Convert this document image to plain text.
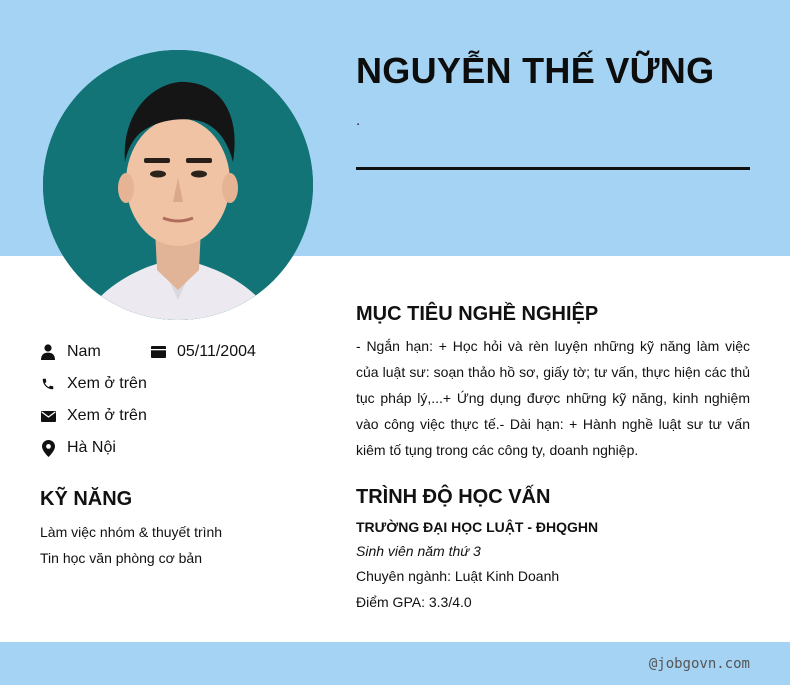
NGUYỄN THẾ VỮNG
.
Nam	05/11/2004
Xem ở trên
Xem ở trên
Hà Nội
KỸ NĂNG
Làm việc nhóm & thuyết trình
Tin học văn phòng cơ bản
MỤC TIÊU NGHỀ NGHIỆP
- Ngắn hạn: + Học hỏi và rèn luyện những kỹ năng làm việc của luật sư: soạn thảo hồ sơ, giấy tờ; tư vấn, thực hiện các thủ tục pháp lý,...+ Ứng dụng được những kỹ năng, kinh nghiệm vào công việc thực tế.- Dài hạn: + Hành nghề luật sư tư vấn kiêm tố tụng trong các công ty, doanh nghiệp.
TRÌNH ĐỘ HỌC VẤN
TRƯỜNG ĐẠI HỌC LUẬT - ĐHQGHN
Sinh viên năm thứ 3
Chuyên ngành: Luật Kinh Doanh
Điểm GPA: 3.3/4.0
@jobgovn.com
